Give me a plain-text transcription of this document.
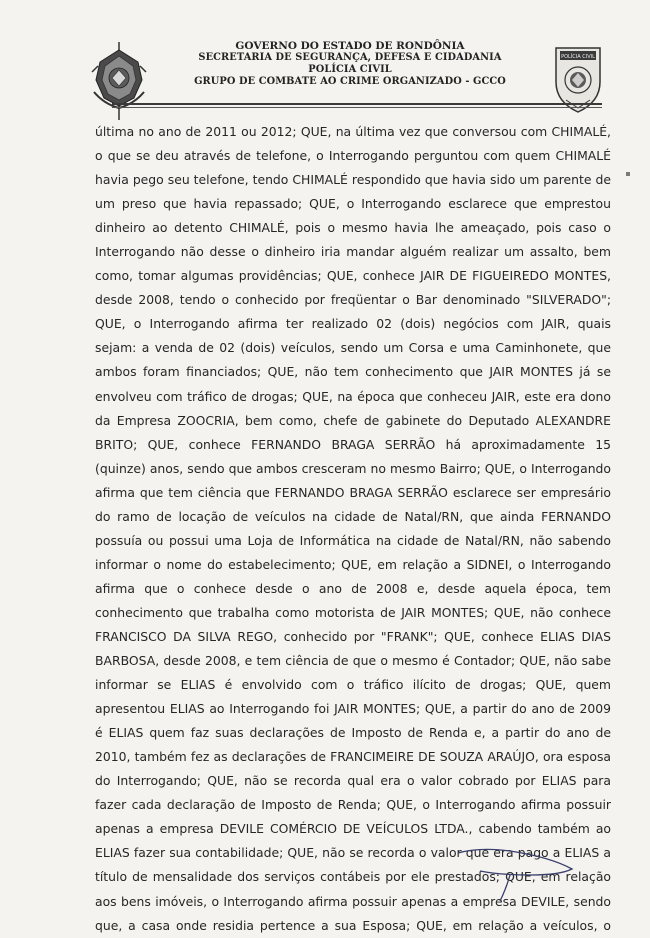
GOVERNO DO ESTADO DE RONDÔNIA
SECRETARIA DE SEGURANÇA, DEFESA E CIDADANIA
POLÍCIA CIVIL
GRUPO DE COMBATE AO CRIME ORGANIZADO - GCCO
POLÍCIA CIVIL
última no ano de 2011 ou 2012; QUE, na última vez que conversou com CHIMALÉ,
o que se deu através de telefone, o Interrogando perguntou com quem CHIMALÉ
havia pego seu telefone, tendo CHIMALÉ respondido que havia sido um parente de
um preso que havia repassado; QUE, o Interrogando esclarece que emprestou
dinheiro ao detento CHIMALÉ, pois o mesmo havia lhe ameaçado, pois caso o
Interrogando não desse o dinheiro iria mandar alguém realizar um assalto, bem
como, tomar algumas providências; QUE, conhece JAIR DE FIGUEIREDO MONTES,
desde 2008, tendo o conhecido por freqüentar o Bar denominado "SILVERADO";
QUE, o Interrogando afirma ter realizado 02 (dois) negócios com JAIR, quais
sejam: a venda de 02 (dois) veículos, sendo um Corsa e uma Caminhonete, que
ambos foram financiados; QUE, não tem conhecimento que JAIR MONTES já se
envolveu com tráfico de drogas; QUE, na época que conheceu JAIR, este era dono
da Empresa ZOOCRIA, bem como, chefe de gabinete do Deputado ALEXANDRE
BRITO; QUE, conhece FERNANDO BRAGA SERRÃO há aproximadamente 15
(quinze) anos, sendo que ambos cresceram no mesmo Bairro; QUE, o Interrogando
afirma que tem ciência que FERNANDO BRAGA SERRÃO esclarece ser empresário
do ramo de locação de veículos na cidade de Natal/RN, que ainda FERNANDO
possuía ou possui uma Loja de Informática na cidade de Natal/RN, não sabendo
informar o nome do estabelecimento; QUE, em relação a SIDNEI, o Interrogando
afirma que o conhece desde o ano de 2008 e, desde aquela época, tem
conhecimento que trabalha como motorista de JAIR MONTES; QUE, não conhece
FRANCISCO DA SILVA REGO, conhecido por "FRANK"; QUE, conhece ELIAS DIAS
BARBOSA, desde 2008, e tem ciência de que o mesmo é Contador; QUE, não sabe
informar se ELIAS é envolvido com o tráfico ilícito de drogas; QUE, quem
apresentou ELIAS ao Interrogando foi JAIR MONTES; QUE, a partir do ano de 2009
é ELIAS quem faz suas declarações de Imposto de Renda e, a partir do ano de
2010, também fez as declarações de FRANCIMEIRE DE SOUZA ARAÚJO, ora esposa
do Interrogando; QUE, não se recorda qual era o valor cobrado por ELIAS para
fazer cada declaração de Imposto de Renda; QUE, o Interrogando afirma possuir
apenas a empresa DEVILE COMÉRCIO DE VEÍCULOS LTDA., cabendo também ao
ELIAS fazer sua contabilidade; QUE, não se recorda o valor que era pago a ELIAS a
título de mensalidade dos serviços contábeis por ele prestados; QUE, em relação
aos bens imóveis, o Interrogando afirma possuir apenas a empresa DEVILE, sendo
que, a casa onde residia pertence a sua Esposa; QUE, em relação a veículos, o
